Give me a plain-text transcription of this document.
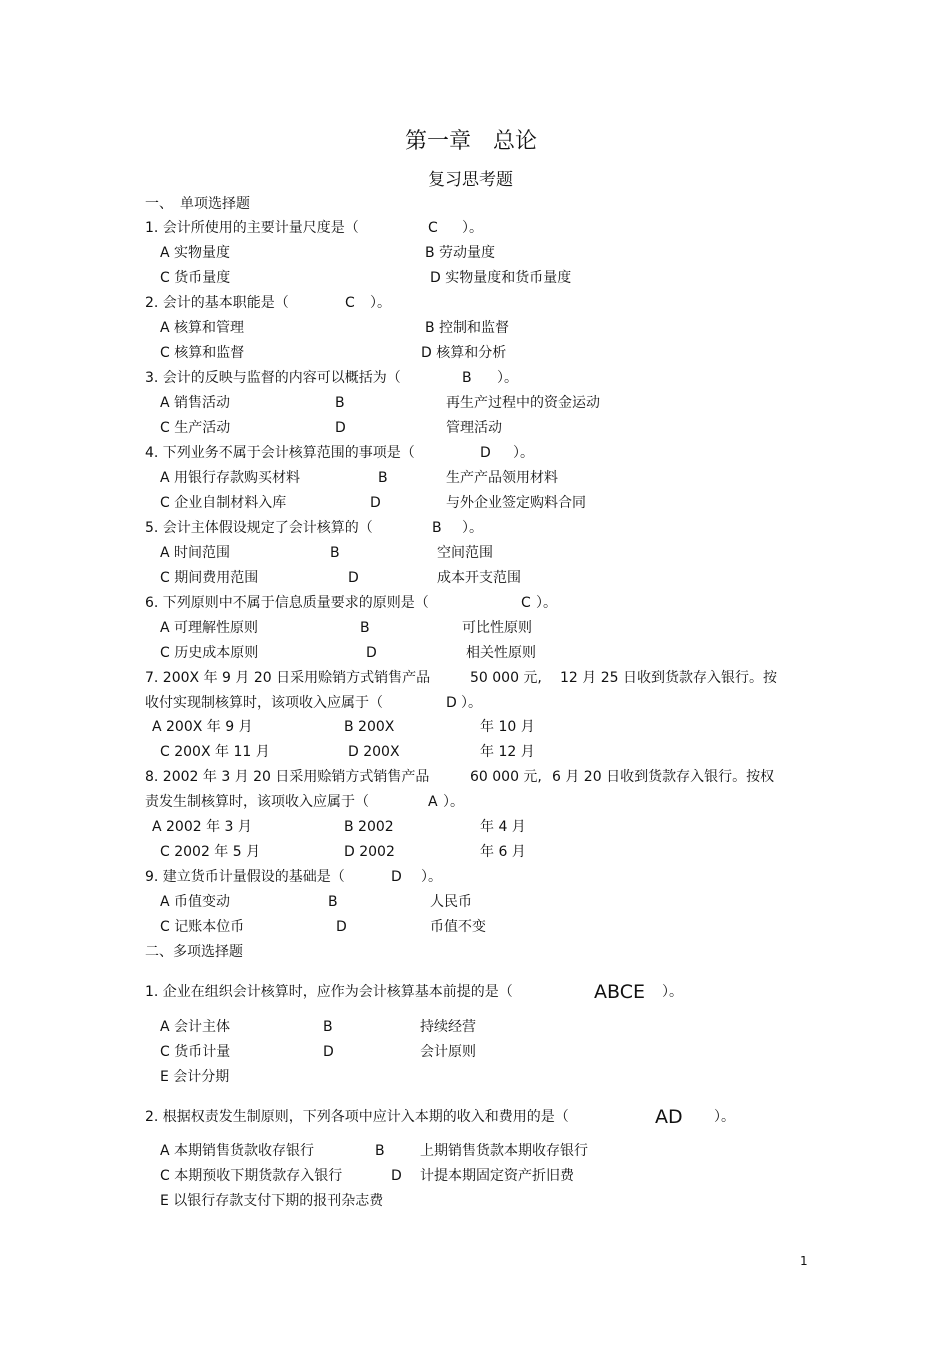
第一章　总论
复习思考题
一、　单项选择题
1. 会计所使用的主要计量尺度是（	C ）。
A 实物量度	B 劳动量度
C 货币量度	D 实物量度和货币量度
2. 会计的基本职能是（	C ）。
A 核算和管理	B 控制和监督
C 核算和监督	D 核算和分析
3. 会计的反映与监督的内容可以概括为（	B ）。
A 销售活动	B	再生产过程中的资金运动
C 生产活动	D	管理活动
4. 下列业务不属于会计核算范围的事项是（	D ）。
A 用银行存款购买材料	B	生产产品领用材料
C 企业自制材料入库	D	与外企业签定购料合同
5. 会计主体假设规定了会计核算的（	B ）。
A 时间范围	B	空间范围
C 期间费用范围	D	成本开支范围
6. 下列原则中不属于信息质量要求的原则是（	C ）。
A 可理解性原则	B	可比性原则
C 历史成本原则	D	相关性原则
7. 200X 年 9 月 20 日采用赊销方式销售产品	50 000 元, 12 月 25 日收到货款存入银行。按
收付实现制核算时，该项收入应属于（	D ）。
A 200X 年 9 月	B 200X	年 10 月
C 200X 年 11 月	D 200X	年 12 月
8. 2002 年 3 月 20 日采用赊销方式销售产品	60 000 元, 6 月 20 日收到货款存入银行。按权
责发生制核算时，该项收入应属于（	A ）。
A 2002 年 3 月	B 2002	年 4 月
C 2002 年 5 月	D 2002	年 6 月
9. 建立货币计量假设的基础是（	D ）。
A 币值变动	B	人民币
C 记账本位币	D	币值不变
二、多项选择题
1. 企业在组织会计核算时，应作为会计核算基本前提的是（	ABCE ）。
A 会计主体	B	持续经营
C 货币计量	D	会计原则
E 会计分期
2. 根据权责发生制原则，下列各项中应计入本期的收入和费用的是（	AD ）。
A 本期销售货款收存银行	B	上期销售货款本期收存银行
C 本期预收下期货款存入银行	D 计提本期固定资产折旧费
E 以银行存款支付下期的报刊杂志费
1
